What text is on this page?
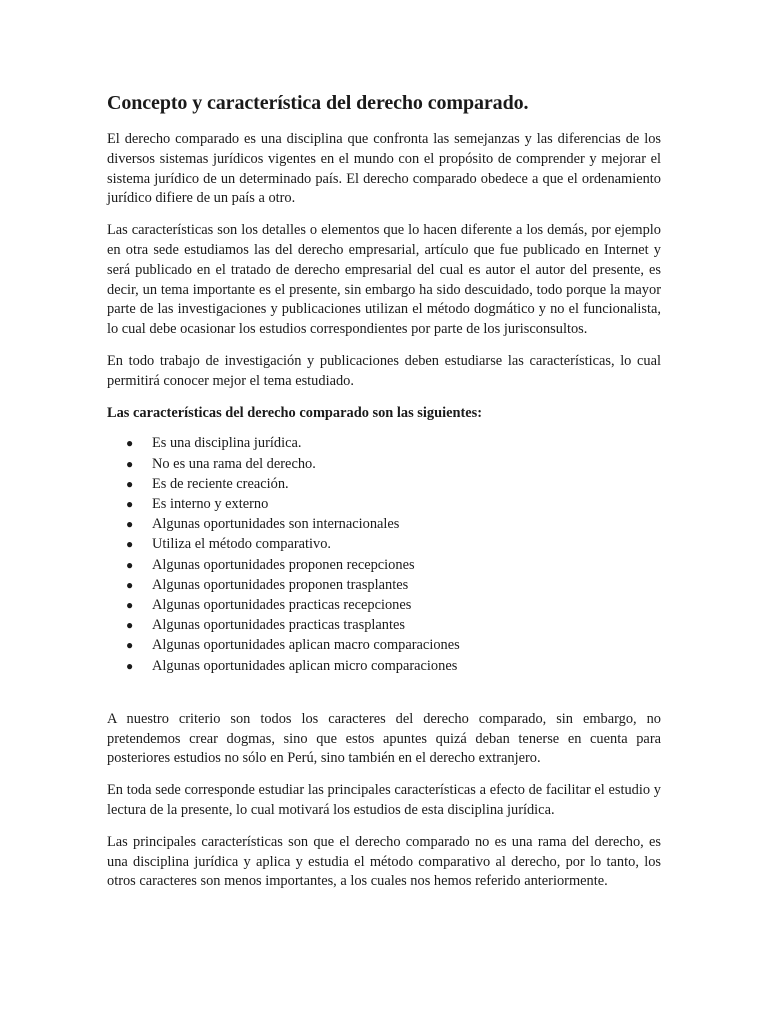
Concepto y característica del derecho comparado.

El derecho comparado es una disciplina que confronta las semejanzas y las diferencias de los diversos sistemas jurídicos vigentes en el mundo con el propósito de comprender y mejorar el sistema jurídico de un determinado país. El derecho comparado obedece a que el ordenamiento jurídico difiere de un país a otro.

Las características son los detalles o elementos que lo hacen diferente a los demás, por ejemplo en otra sede estudiamos las del derecho empresarial, artículo que fue publicado en Internet y será publicado en el tratado de derecho empresarial del cual es autor el autor del presente, es decir, un tema importante es el presente, sin embargo ha sido descuidado, todo porque la mayor parte de las investigaciones y publicaciones utilizan el método dogmático y no el funcionalista, lo cual debe ocasionar los estudios correspondientes por parte de los jurisconsultos.

En todo trabajo de investigación y publicaciones deben estudiarse las características, lo cual permitirá conocer mejor el tema estudiado.

Las características del derecho comparado son las siguientes:

● Es una disciplina jurídica.
● No es una rama del derecho.
● Es de reciente creación.
● Es interno y externo
● Algunas oportunidades son internacionales
● Utiliza el método comparativo.
● Algunas oportunidades proponen recepciones
● Algunas oportunidades proponen trasplantes
● Algunas oportunidades practicas recepciones
● Algunas oportunidades practicas trasplantes
● Algunas oportunidades aplican macro comparaciones
● Algunas oportunidades aplican micro comparaciones

A nuestro criterio son todos los caracteres del derecho comparado, sin embargo, no pretendemos crear dogmas, sino que estos apuntes quizá deban tenerse en cuenta para posteriores estudios no sólo en Perú, sino también en el derecho extranjero.

En toda sede corresponde estudiar las principales características a efecto de facilitar el estudio y lectura de la presente, lo cual motivará los estudios de esta disciplina jurídica.

Las principales características son que el derecho comparado no es una rama del derecho, es una disciplina jurídica y aplica y estudia el método comparativo al derecho, por lo tanto, los otros caracteres son menos importantes, a los cuales nos hemos referido anteriormente.
